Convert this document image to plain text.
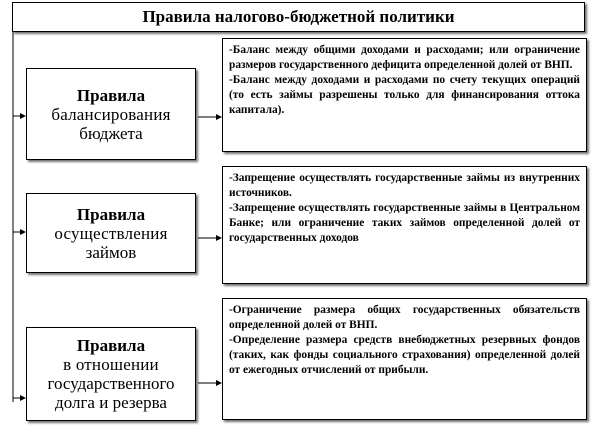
Правила налогово-бюджетной политики
Правила
балансирования
бюджета

-Баланс между общими доходами и расходами; или ограничение размеров государственного дефицита определенной долей от ВНП.

-Баланс между доходами и расходами по счету текущих операций (то есть займы разрешены только для финансирования оттока капитала).

Правила
осуществления
займов

-Запрещение осуществлять государственные займы из внутренних источников.

-Запрещение осуществлять государственные займы в Центральном Банке; или ограничение таких займов определенной долей от государственных доходов

Правила
в отношении
государственного
долга и резерва

-Ограничение размера общих государственных обязательств определенной долей от ВНП.

-Определение размера средств внебюджетных резервных фондов (таких, как фонды социального страхования) определенной долей от ежегодных отчислений от прибыли.
